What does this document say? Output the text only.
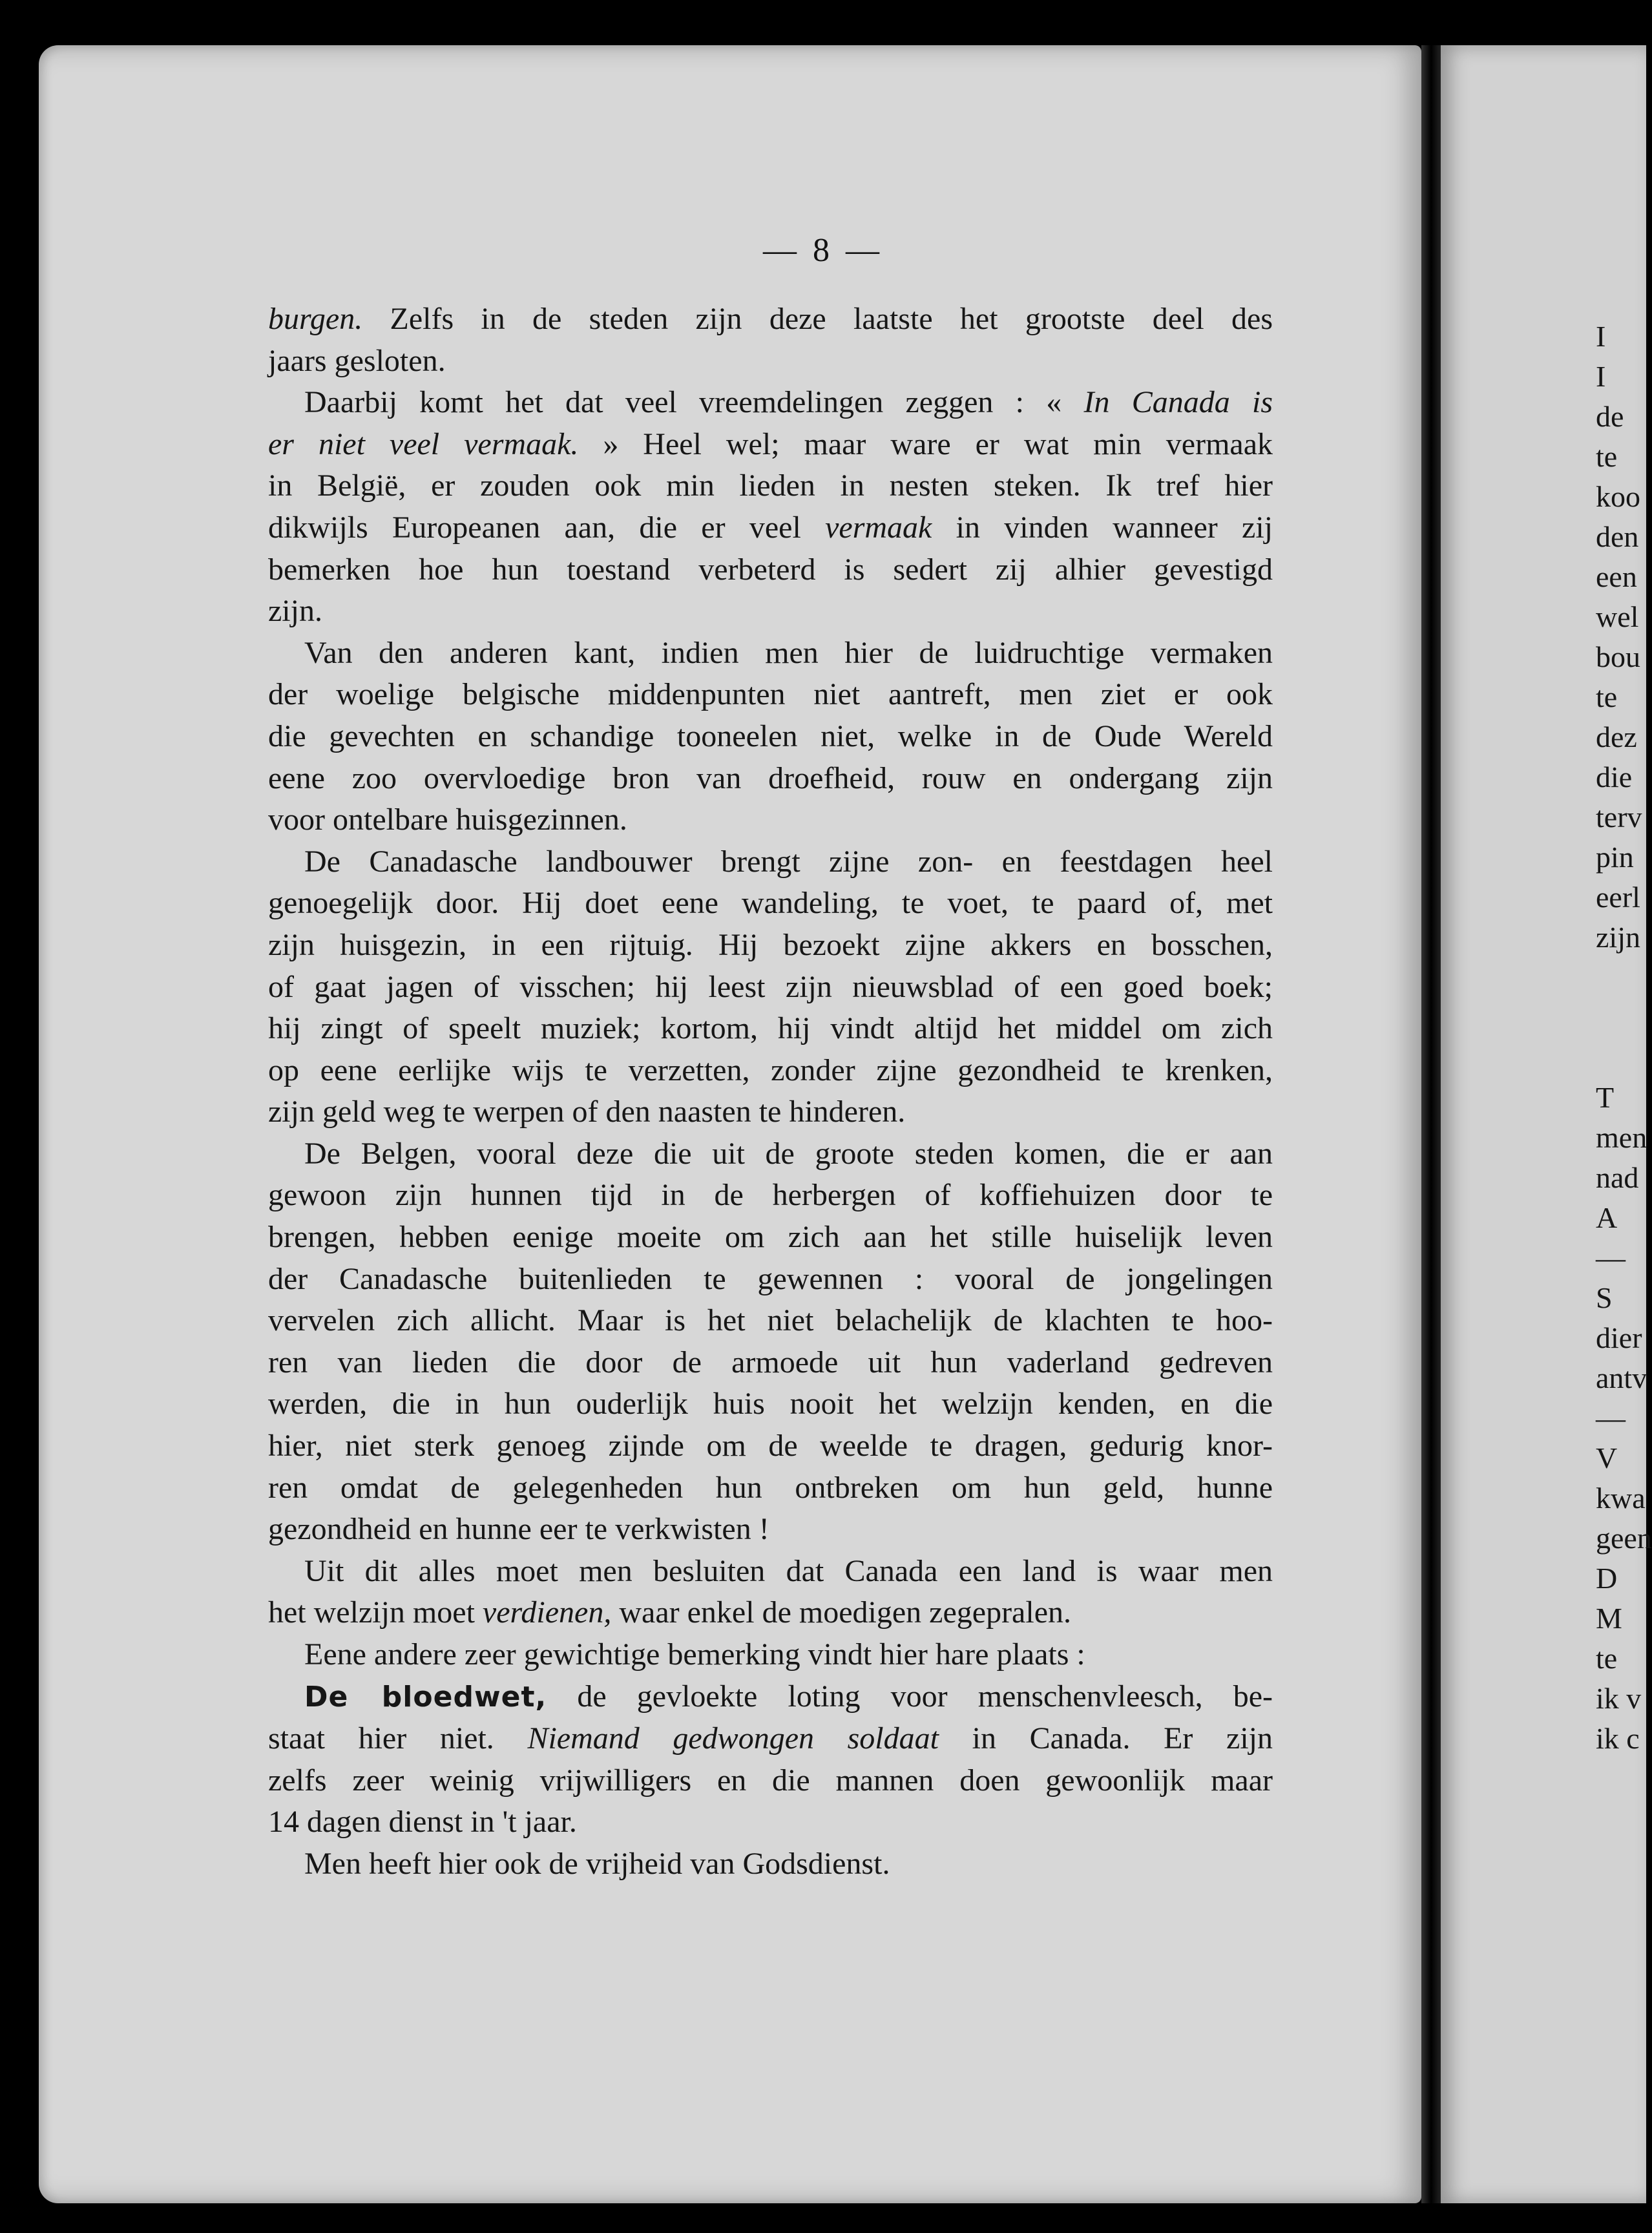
— 8 —

burgen. Zelfs in de steden zijn deze laatste het grootste deel des
jaars gesloten.

Daarbij komt het dat veel vreemdelingen zeggen : « In Canada is
er niet veel vermaak. » Heel wel; maar ware er wat min vermaak
in België, er zouden ook min lieden in nesten steken. Ik tref hier
dikwijls Europeanen aan, die er veel vermaak in vinden wanneer zij
bemerken hoe hun toestand verbeterd is sedert zij alhier gevestigd
zijn.

Van den anderen kant, indien men hier de luidruchtige vermaken
der woelige belgische middenpunten niet aantreft, men ziet er ook
die gevechten en schandige tooneelen niet, welke in de Oude Wereld
eene zoo overvloedige bron van droefheid, rouw en ondergang zijn
voor ontelbare huisgezinnen.

De Canadasche landbouwer brengt zijne zon- en feestdagen heel
genoegelijk door. Hij doet eene wandeling, te voet, te paard of, met
zijn huisgezin, in een rijtuig. Hij bezoekt zijne akkers en bosschen,
of gaat jagen of visschen; hij leest zijn nieuwsblad of een goed boek;
hij zingt of speelt muziek; kortom, hij vindt altijd het middel om zich
op eene eerlijke wijs te verzetten, zonder zijne gezondheid te krenken,
zijn geld weg te werpen of den naasten te hinderen.

De Belgen, vooral deze die uit de groote steden komen, die er aan
gewoon zijn hunnen tijd in de herbergen of koffiehuizen door te
brengen, hebben eenige moeite om zich aan het stille huiselijk leven
der Canadasche buitenlieden te gewennen : vooral de jongelingen
vervelen zich allicht. Maar is het niet belachelijk de klachten te hoo-
ren van lieden die door de armoede uit hun vaderland gedreven
werden, die in hun ouderlijk huis nooit het welzijn kenden, en die
hier, niet sterk genoeg zijnde om de weelde te dragen, gedurig knor-
ren omdat de gelegenheden hun ontbreken om hun geld, hunne
gezondheid en hunne eer te verkwisten !

Uit dit alles moet men besluiten dat Canada een land is waar men
het welzijn moet verdienen, waar enkel de moedigen zegepralen.

Eene andere zeer gewichtige bemerking vindt hier hare plaats :

De bloedwet, de gevloekte loting voor menschenvleesch, be-
staat hier niet. Niemand gedwongen soldaat in Canada. Er zijn
zelfs zeer weinig vrijwilligers en die mannen doen gewoonlijk maar
14 dagen dienst in 't jaar.

Men heeft hier ook de vrijheid van Godsdienst.

I
I
de
te
koo
den
een
wel
bou
te
dez
die
terv
pin
eerl
zijn

T
men
nad
A
—
S
dier
antv
—
V
kwa
geen
D
M
te
ik v
ik c
